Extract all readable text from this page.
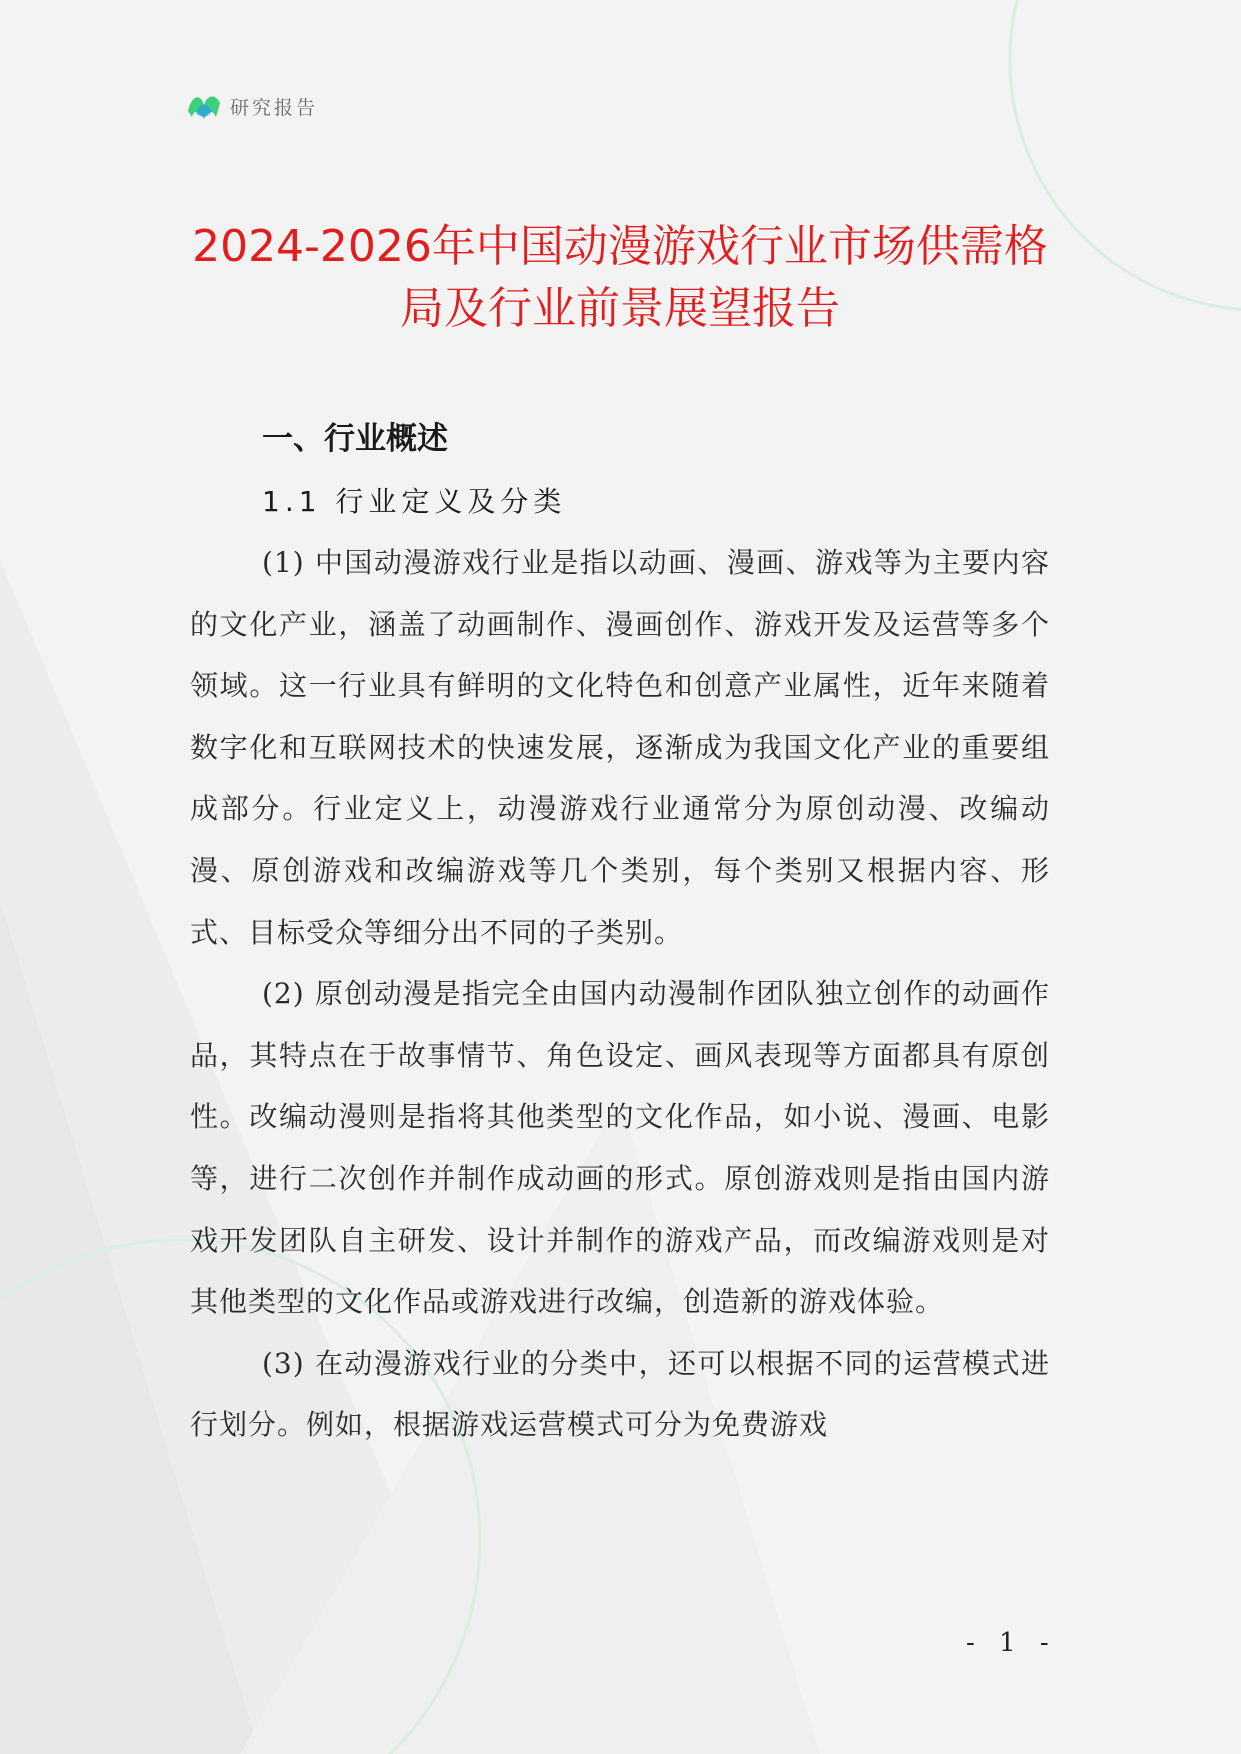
研究报告
2024-2026年中国动漫游戏行业市场供需格
局及行业前景展望报告
一、行业概述
1.1 行业定义及分类

(1) 中国动漫游戏行业是指以动画、漫画、游戏等为主要内容的文化产业，涵盖了动画制作、漫画创作、游戏开发及运营等多个领域。这一行业具有鲜明的文化特色和创意产业属性，近年来随着数字化和互联网技术的快速发展，逐渐成为我国文化产业的重要组成部分。行业定义上，动漫游戏行业通常分为原创动漫、改编动漫、原创游戏和改编游戏等几个类别，每个类别又根据内容、形式、目标受众等细分出不同的子类别。

(2) 原创动漫是指完全由国内动漫制作团队独立创作的动画作品，其特点在于故事情节、角色设定、画风表现等方面都具有原创性。改编动漫则是指将其他类型的文化作品，如小说、漫画、电影等，进行二次创作并制作成动画的形式。原创游戏则是指由国内游戏开发团队自主研发、设计并制作的游戏产品，而改编游戏则是对其他类型的文化作品或游戏进行改编，创造新的游戏体验。

(3) 在动漫游戏行业的分类中，还可以根据不同的运营模式进行划分。例如，根据游戏运营模式可分为免费游戏

- 1 -
